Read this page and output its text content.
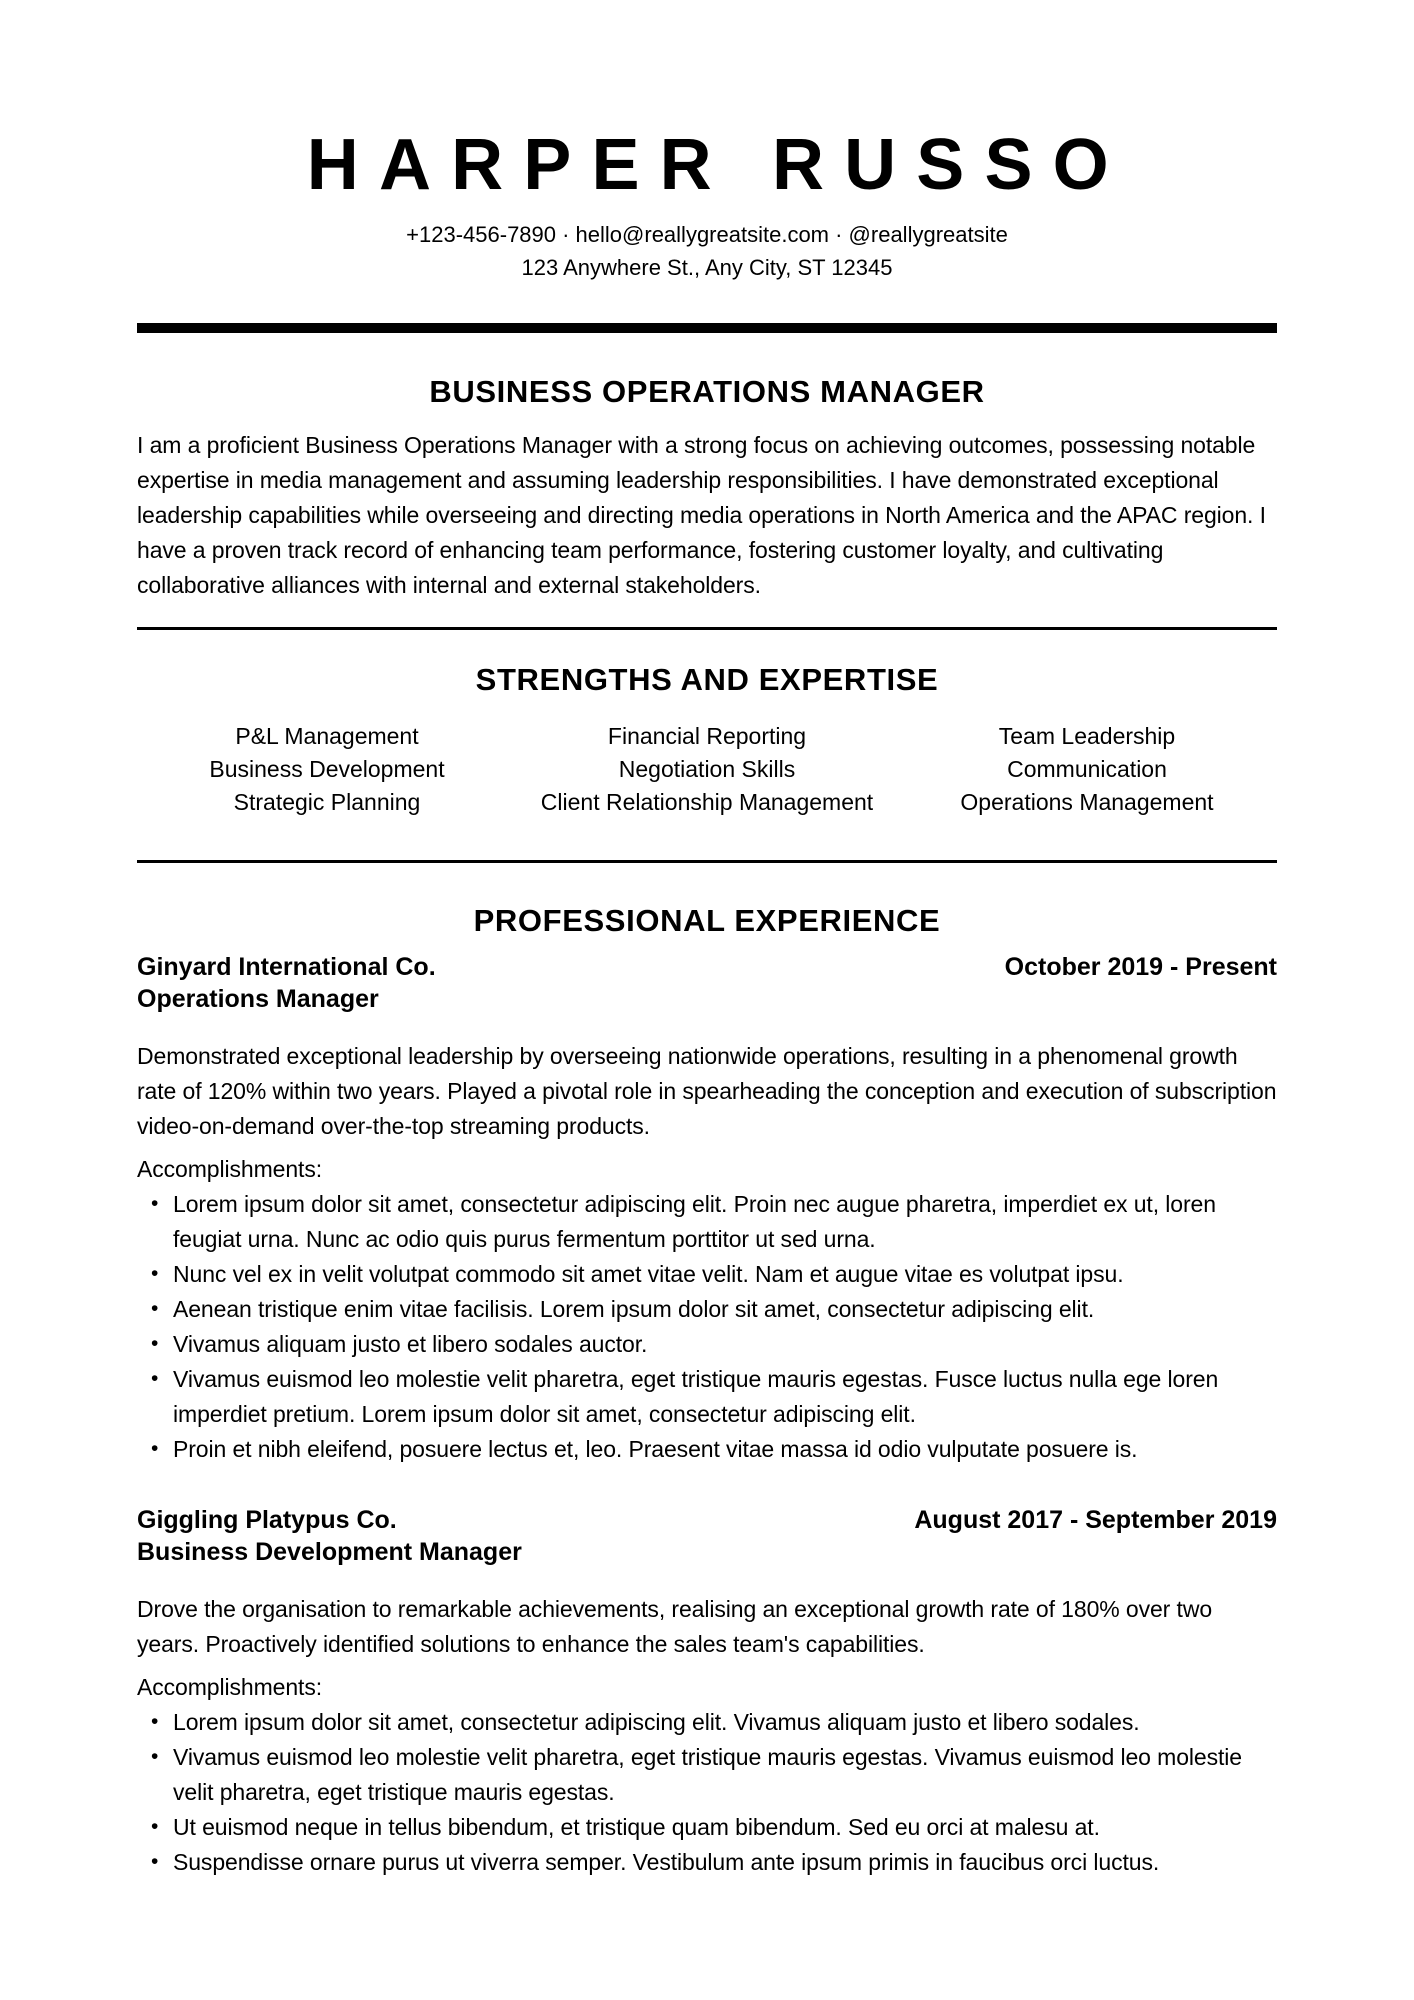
HARPER RUSSO

+123-456-7890 · hello@reallygreatsite.com · @reallygreatsite

123 Anywhere St., Any City, ST 12345

BUSINESS OPERATIONS MANAGER

I am a proficient Business Operations Manager with a strong focus on achieving outcomes, possessing notable expertise in media management and assuming leadership responsibilities. I have demonstrated exceptional leadership capabilities while overseeing and directing media operations in North America and the APAC region. I have a proven track record of enhancing team performance, fostering customer loyalty, and cultivating collaborative alliances with internal and external stakeholders.

STRENGTHS AND EXPERTISE
P&L Management
Business Development
Strategic Planning
Financial Reporting
Negotiation Skills
Client Relationship Management
Team Leadership
Communication
Operations Management
PROFESSIONAL EXPERIENCE
Ginyard International Co.	October 2019 - Present
Operations Manager

Demonstrated exceptional leadership by overseeing nationwide operations, resulting in a phenomenal growth rate of 120% within two years. Played a pivotal role in spearheading the conception and execution of subscription video-on-demand over-the-top streaming products.

Accomplishments:

• Lorem ipsum dolor sit amet, consectetur adipiscing elit. Proin nec augue pharetra, imperdiet ex ut, loren feugiat urna. Nunc ac odio quis purus fermentum porttitor ut sed urna.
• Nunc vel ex in velit volutpat commodo sit amet vitae velit. Nam et augue vitae es volutpat ipsu.
• Aenean tristique enim vitae facilisis. Lorem ipsum dolor sit amet, consectetur adipiscing elit.
• Vivamus aliquam justo et libero sodales auctor.
• Vivamus euismod leo molestie velit pharetra, eget tristique mauris egestas. Fusce luctus nulla ege loren imperdiet pretium. Lorem ipsum dolor sit amet, consectetur adipiscing elit.
• Proin et nibh eleifend, posuere lectus et, leo. Praesent vitae massa id odio vulputate posuere is.
Giggling Platypus Co.	August 2017 - September 2019
Business Development Manager

Drove the organisation to remarkable achievements, realising an exceptional growth rate of 180% over two years. Proactively identified solutions to enhance the sales team's capabilities.

Accomplishments:

• Lorem ipsum dolor sit amet, consectetur adipiscing elit. Vivamus aliquam justo et libero sodales.
• Vivamus euismod leo molestie velit pharetra, eget tristique mauris egestas. Vivamus euismod leo molestie velit pharetra, eget tristique mauris egestas.
• Ut euismod neque in tellus bibendum, et tristique quam bibendum. Sed eu orci at malesu at.
• Suspendisse ornare purus ut viverra semper. Vestibulum ante ipsum primis in faucibus orci luctus.
